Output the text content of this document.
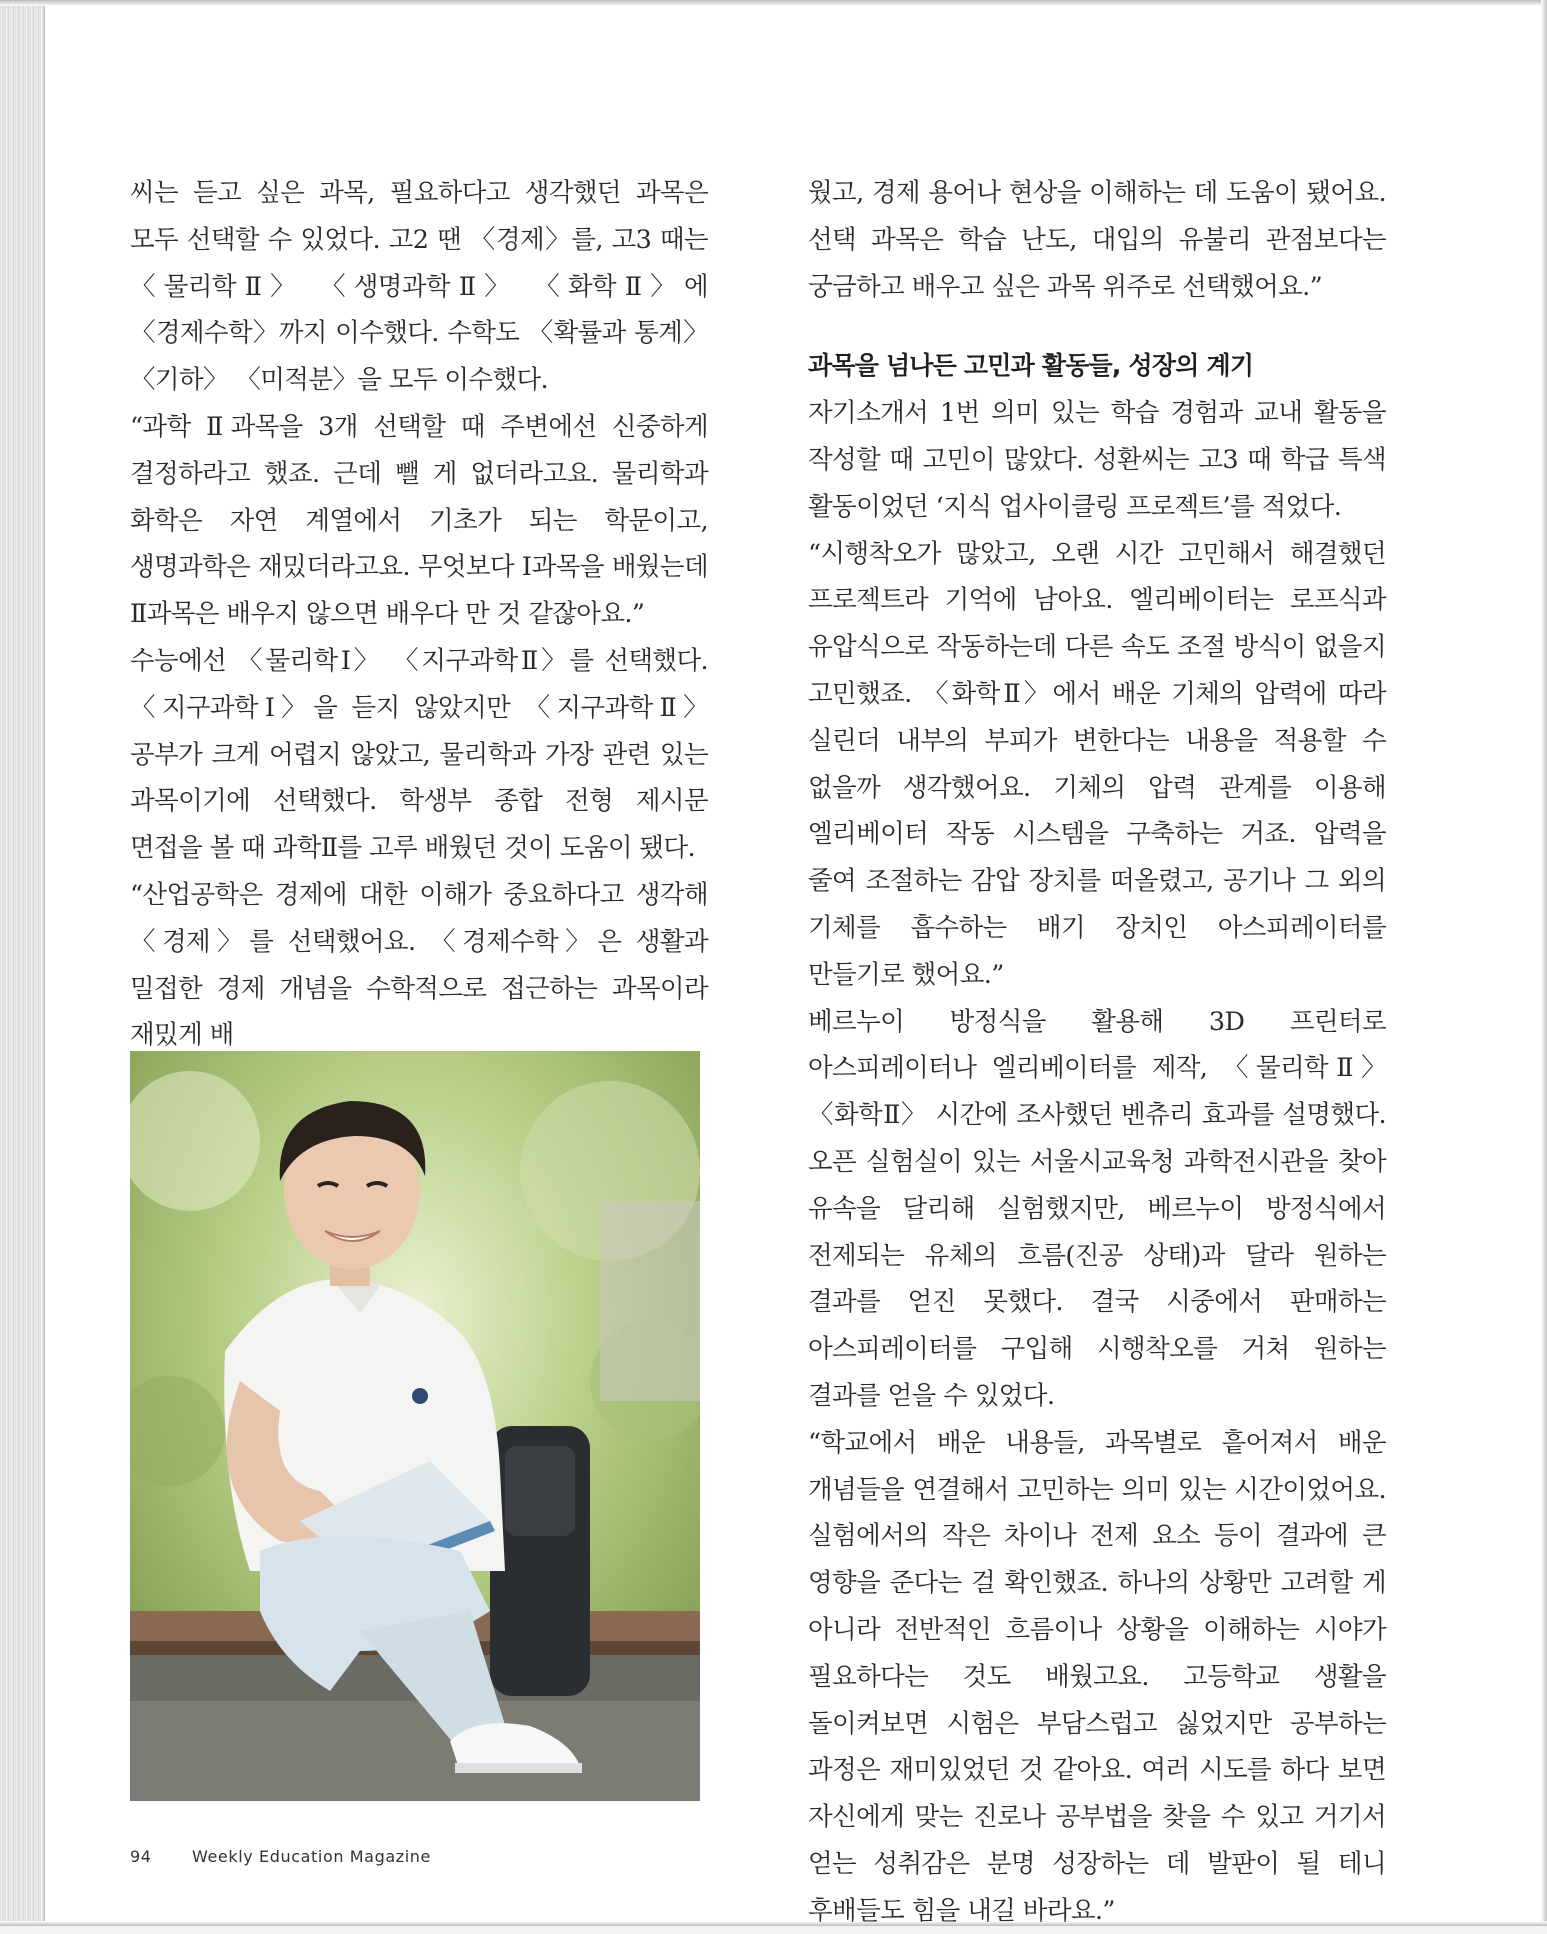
씨는 듣고 싶은 과목, 필요하다고 생각했던 과목은 모두 선택할 수 있었다. 고2 땐 〈경제〉를, 고3 때는 〈물리학Ⅱ〉 〈생명과학Ⅱ〉 〈화학Ⅱ〉에 〈경제수학〉까지 이수했다. 수학도 〈확률과 통계〉 〈기하〉 〈미적분〉을 모두 이수했다.

“과학 Ⅱ과목을 3개 선택할 때 주변에선 신중하게 결정하라고 했죠. 근데 뺄 게 없더라고요. 물리학과 화학은 자연 계열에서 기초가 되는 학문이고, 생명과학은 재밌더라고요. 무엇보다 Ⅰ과목을 배웠는데 Ⅱ과목은 배우지 않으면 배우다 만 것 같잖아요.”

수능에선 〈물리학Ⅰ〉 〈지구과학Ⅱ〉를 선택했다. 〈지구과학Ⅰ〉을 듣지 않았지만 〈지구과학Ⅱ〉 공부가 크게 어렵지 않았고, 물리학과 가장 관련 있는 과목이기에 선택했다. 학생부 종합 전형 제시문 면접을 볼 때 과학Ⅱ를 고루 배웠던 것이 도움이 됐다.

“산업공학은 경제에 대한 이해가 중요하다고 생각해 〈경제〉를 선택했어요. 〈경제수학〉은 생활과 밀접한 경제 개념을 수학적으로 접근하는 과목이라 재밌게 배

웠고, 경제 용어나 현상을 이해하는 데 도움이 됐어요. 선택 과목은 학습 난도, 대입의 유불리 관점보다는 궁금하고 배우고 싶은 과목 위주로 선택했어요.”

과목을 넘나든 고민과 활동들, 성장의 계기

자기소개서 1번 의미 있는 학습 경험과 교내 활동을 작성할 때 고민이 많았다. 성환씨는 고3 때 학급 특색 활동이었던 ‘지식 업사이클링 프로젝트’를 적었다.

“시행착오가 많았고, 오랜 시간 고민해서 해결했던 프로젝트라 기억에 남아요. 엘리베이터는 로프식과 유압식으로 작동하는데 다른 속도 조절 방식이 없을지 고민했죠. 〈화학Ⅱ〉에서 배운 기체의 압력에 따라 실린더 내부의 부피가 변한다는 내용을 적용할 수 없을까 생각했어요. 기체의 압력 관계를 이용해 엘리베이터 작동 시스템을 구축하는 거죠. 압력을 줄여 조절하는 감압 장치를 떠올렸고, 공기나 그 외의 기체를 흡수하는 배기 장치인 아스피레이터를 만들기로 했어요.”

베르누이 방정식을 활용해 3D 프린터로 아스피레이터나 엘리베이터를 제작, 〈물리학Ⅱ〉 〈화학Ⅱ〉 시간에 조사했던 벤츄리 효과를 설명했다. 오픈 실험실이 있는 서울시교육청 과학전시관을 찾아 유속을 달리해 실험했지만, 베르누이 방정식에서 전제되는 유체의 흐름(진공 상태)과 달라 원하는 결과를 얻진 못했다. 결국 시중에서 판매하는 아스피레이터를 구입해 시행착오를 거쳐 원하는 결과를 얻을 수 있었다.

“학교에서 배운 내용들, 과목별로 흩어져서 배운 개념들을 연결해서 고민하는 의미 있는 시간이었어요. 실험에서의 작은 차이나 전제 요소 등이 결과에 큰 영향을 준다는 걸 확인했죠. 하나의 상황만 고려할 게 아니라 전반적인 흐름이나 상황을 이해하는 시야가 필요하다는 것도 배웠고요. 고등학교 생활을 돌이켜보면 시험은 부담스럽고 싫었지만 공부하는 과정은 재미있었던 것 같아요. 여러 시도를 하다 보면 자신에게 맞는 진로나 공부법을 찾을 수 있고 거기서 얻는 성취감은 분명 성장하는 데 발판이 될 테니 후배들도 힘을 내길 바라요.”

94	Weekly Education Magazine
